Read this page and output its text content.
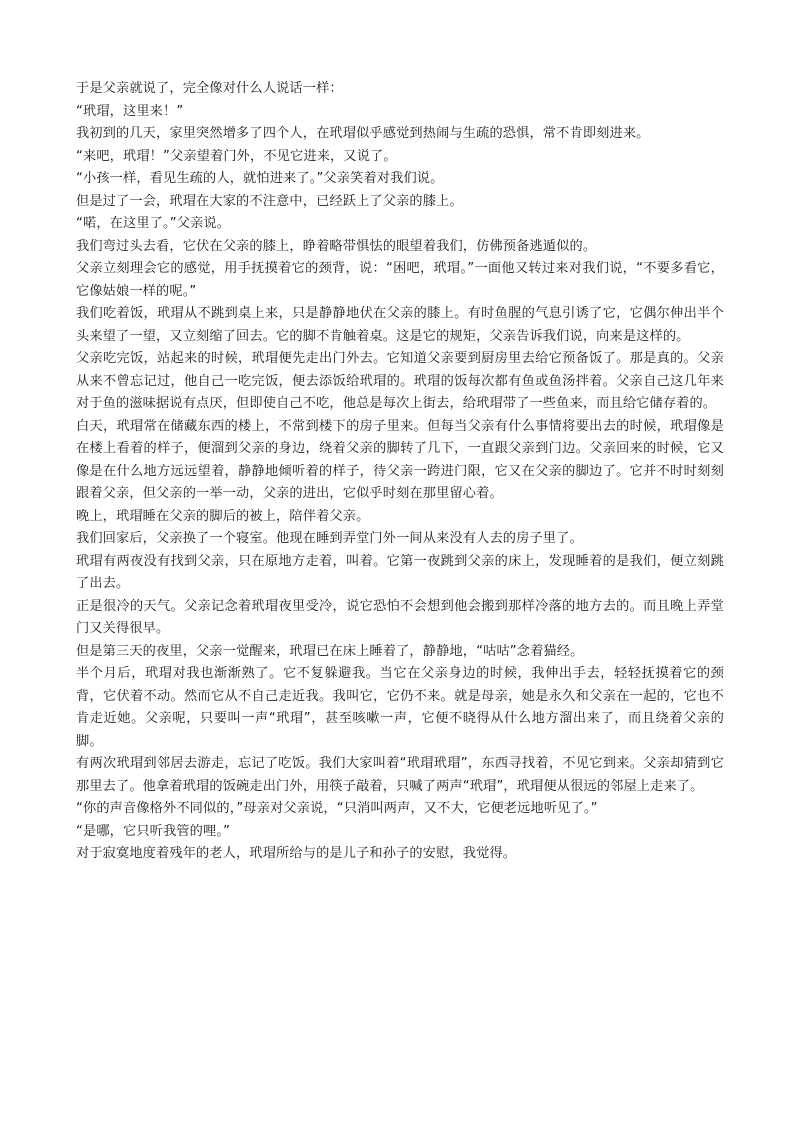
于是父亲就说了，完全像对什么人说话一样：

“玳瑁，这里来！”

我初到的几天，家里突然增多了四个人，在玳瑁似乎感觉到热闹与生疏的恐惧，常不肯即刻进来。

“来吧，玳瑁！”父亲望着门外，不见它进来，又说了。

“小孩一样，看见生疏的人，就怕进来了。”父亲笑着对我们说。

但是过了一会，玳瑁在大家的不注意中，已经跃上了父亲的膝上。

“喏，在这里了。”父亲说。

我们弯过头去看，它伏在父亲的膝上，睁着略带惧怯的眼望着我们，仿佛预备逃遁似的。

父亲立刻理会它的感觉，用手抚摸着它的颈背，说：“困吧，玳瑁。”一面他又转过来对我们说，“不要多看它，它像姑娘一样的呢。”

我们吃着饭，玳瑁从不跳到桌上来，只是静静地伏在父亲的膝上。有时鱼腥的气息引诱了它，它偶尔伸出半个头来望了一望，又立刻缩了回去。它的脚不肯触着桌。这是它的规矩，父亲告诉我们说，向来是这样的。

父亲吃完饭，站起来的时候，玳瑁便先走出门外去。它知道父亲要到厨房里去给它预备饭了。那是真的。父亲从来不曾忘记过，他自己一吃完饭，便去添饭给玳瑁的。玳瑁的饭每次都有鱼或鱼汤拌着。父亲自己这几年来对于鱼的滋味据说有点厌，但即使自己不吃，他总是每次上街去，给玳瑁带了一些鱼来，而且给它储存着的。

白天，玳瑁常在储藏东西的楼上，不常到楼下的房子里来。但每当父亲有什么事情将要出去的时候，玳瑁像是在楼上看着的样子，便溜到父亲的身边，绕着父亲的脚转了几下，一直跟父亲到门边。父亲回来的时候，它又像是在什么地方远远望着，静静地倾听着的样子，待父亲一跨进门限，它又在父亲的脚边了。它并不时时刻刻跟着父亲，但父亲的一举一动，父亲的进出，它似乎时刻在那里留心着。

晚上，玳瑁睡在父亲的脚后的被上，陪伴着父亲。

我们回家后，父亲换了一个寝室。他现在睡到弄堂门外一间从来没有人去的房子里了。

玳瑁有两夜没有找到父亲，只在原地方走着，叫着。它第一夜跳到父亲的床上，发现睡着的是我们，便立刻跳了出去。

正是很冷的天气。父亲记念着玳瑁夜里受冷，说它恐怕不会想到他会搬到那样冷落的地方去的。而且晚上弄堂门又关得很早。

但是第三天的夜里，父亲一觉醒来，玳瑁已在床上睡着了，静静地，“咕咕”念着猫经。

半个月后，玳瑁对我也渐渐熟了。它不复躲避我。当它在父亲身边的时候，我伸出手去，轻轻抚摸着它的颈背，它伏着不动。然而它从不自己走近我。我叫它，它仍不来。就是母亲，她是永久和父亲在一起的，它也不肯走近她。父亲呢，只要叫一声“玳瑁”，甚至咳嗽一声，它便不晓得从什么地方溜出来了，而且绕着父亲的脚。

有两次玳瑁到邻居去游走，忘记了吃饭。我们大家叫着“玳瑁玳瑁”，东西寻找着，不见它到来。父亲却猜到它那里去了。他拿着玳瑁的饭碗走出门外，用筷子敲着，只喊了两声“玳瑁”，玳瑁便从很远的邻屋上走来了。

“你的声音像格外不同似的，”母亲对父亲说，“只消叫两声，又不大，它便老远地听见了。”

“是哪，它只听我管的哩。”

对于寂寞地度着残年的老人，玳瑁所给与的是儿子和孙子的安慰，我觉得。
